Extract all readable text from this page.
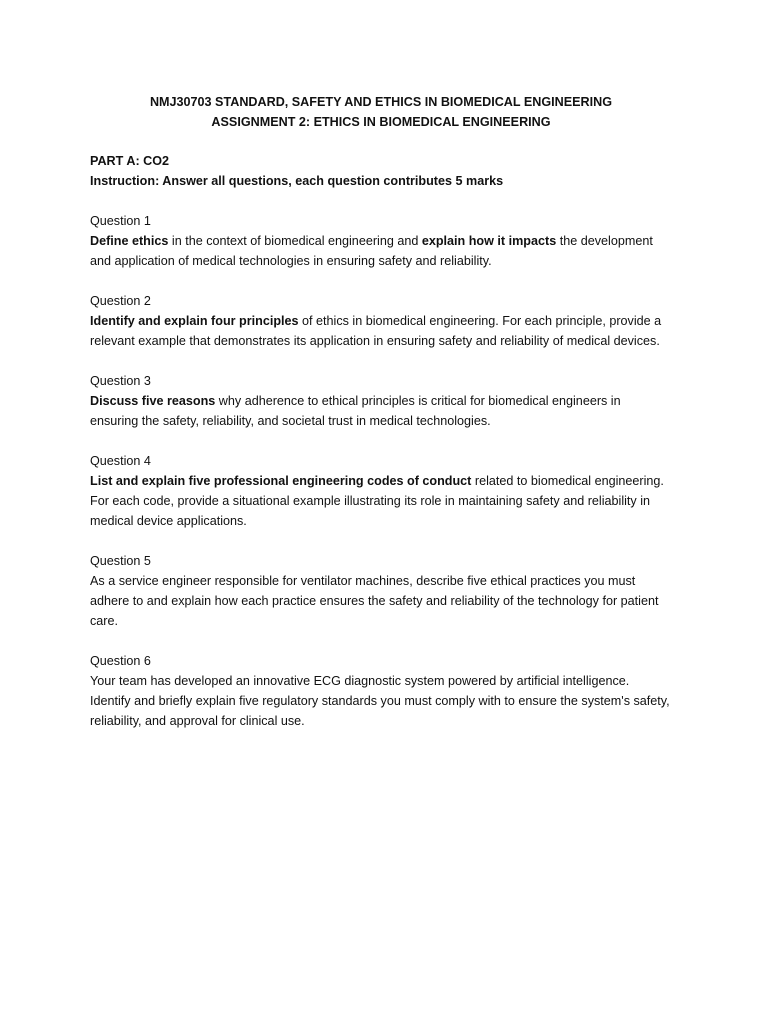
NMJ30703 STANDARD, SAFETY AND ETHICS IN BIOMEDICAL ENGINEERING
ASSIGNMENT 2: ETHICS IN BIOMEDICAL ENGINEERING

PART A: CO2

Instruction: Answer all questions, each question contributes 5 marks

Question 1
Define ethics in the context of biomedical engineering and explain how it impacts the development and application of medical technologies in ensuring safety and reliability.
Question 2
Identify and explain four principles of ethics in biomedical engineering. For each principle, provide a relevant example that demonstrates its application in ensuring safety and reliability of medical devices.
Question 3
Discuss five reasons why adherence to ethical principles is critical for biomedical engineers in ensuring the safety, reliability, and societal trust in medical technologies.
Question 4
List and explain five professional engineering codes of conduct related to biomedical engineering. For each code, provide a situational example illustrating its role in maintaining safety and reliability in medical device applications.
Question 5
As a service engineer responsible for ventilator machines, describe five ethical practices you must adhere to and explain how each practice ensures the safety and reliability of the technology for patient care.
Question 6
Your team has developed an innovative ECG diagnostic system powered by artificial intelligence. Identify and briefly explain five regulatory standards you must comply with to ensure the system's safety, reliability, and approval for clinical use.
